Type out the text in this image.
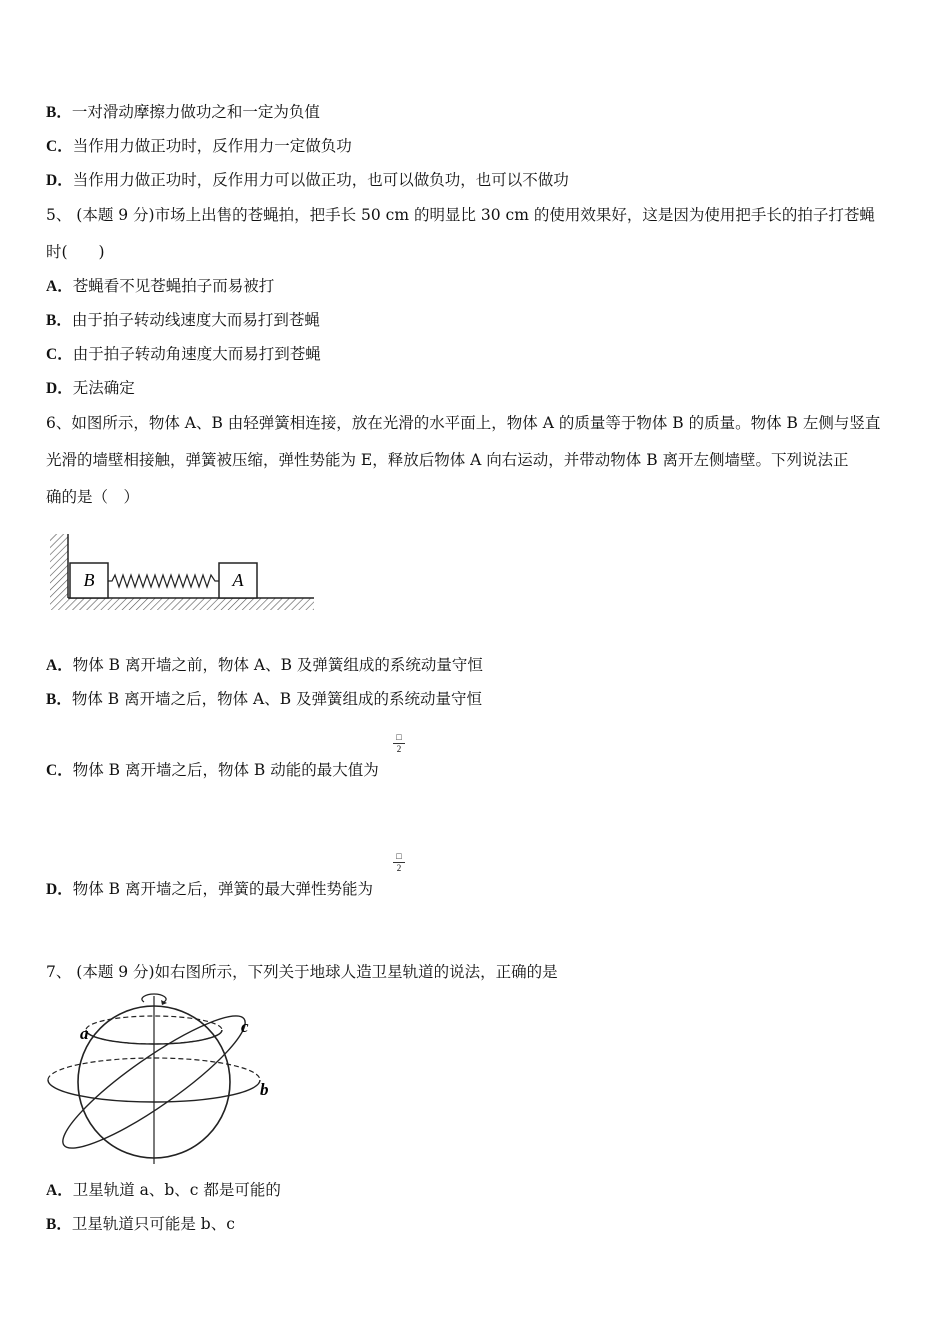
B．一对滑动摩擦力做功之和一定为负值
C．当作用力做正功时，反作用力一定做负功
D．当作用力做正功时，反作用力可以做正功，也可以做负功，也可以不做功
5、 (本题 9 分)市场上出售的苍蝇拍，把手长 50 cm 的明显比 30 cm 的使用效果好，这是因为使用把手长的拍子打苍蝇
时(　　)
A．苍蝇看不见苍蝇拍子而易被打
B．由于拍子转动线速度大而易打到苍蝇
C．由于拍子转动角速度大而易打到苍蝇
D．无法确定
6、如图所示，物体 A、B 由轻弹簧相连接，放在光滑的水平面上，物体 A 的质量等于物体 B 的质量。物体 B 左侧与竖直
光滑的墙壁相接触，弹簧被压缩，弹性势能为 E，释放后物体 A 向右运动，并带动物体 B 离开左侧墙壁。下列说法正
确的是（　）
B	A
A．物体 B 离开墙之前，物体 A、B 及弹簧组成的系统动量守恒
B．物体 B 离开墙之后，物体 A、B 及弹簧组成的系统动量守恒
□
2
C．物体 B 离开墙之后，物体 B 动能的最大值为
□
2
D．物体 B 离开墙之后，弹簧的最大弹性势能为
7、 (本题 9 分)如右图所示，下列关于地球人造卫星轨道的说法，正确的是
a
b
c
A．卫星轨道 a、b、c 都是可能的
B．卫星轨道只可能是 b、c
